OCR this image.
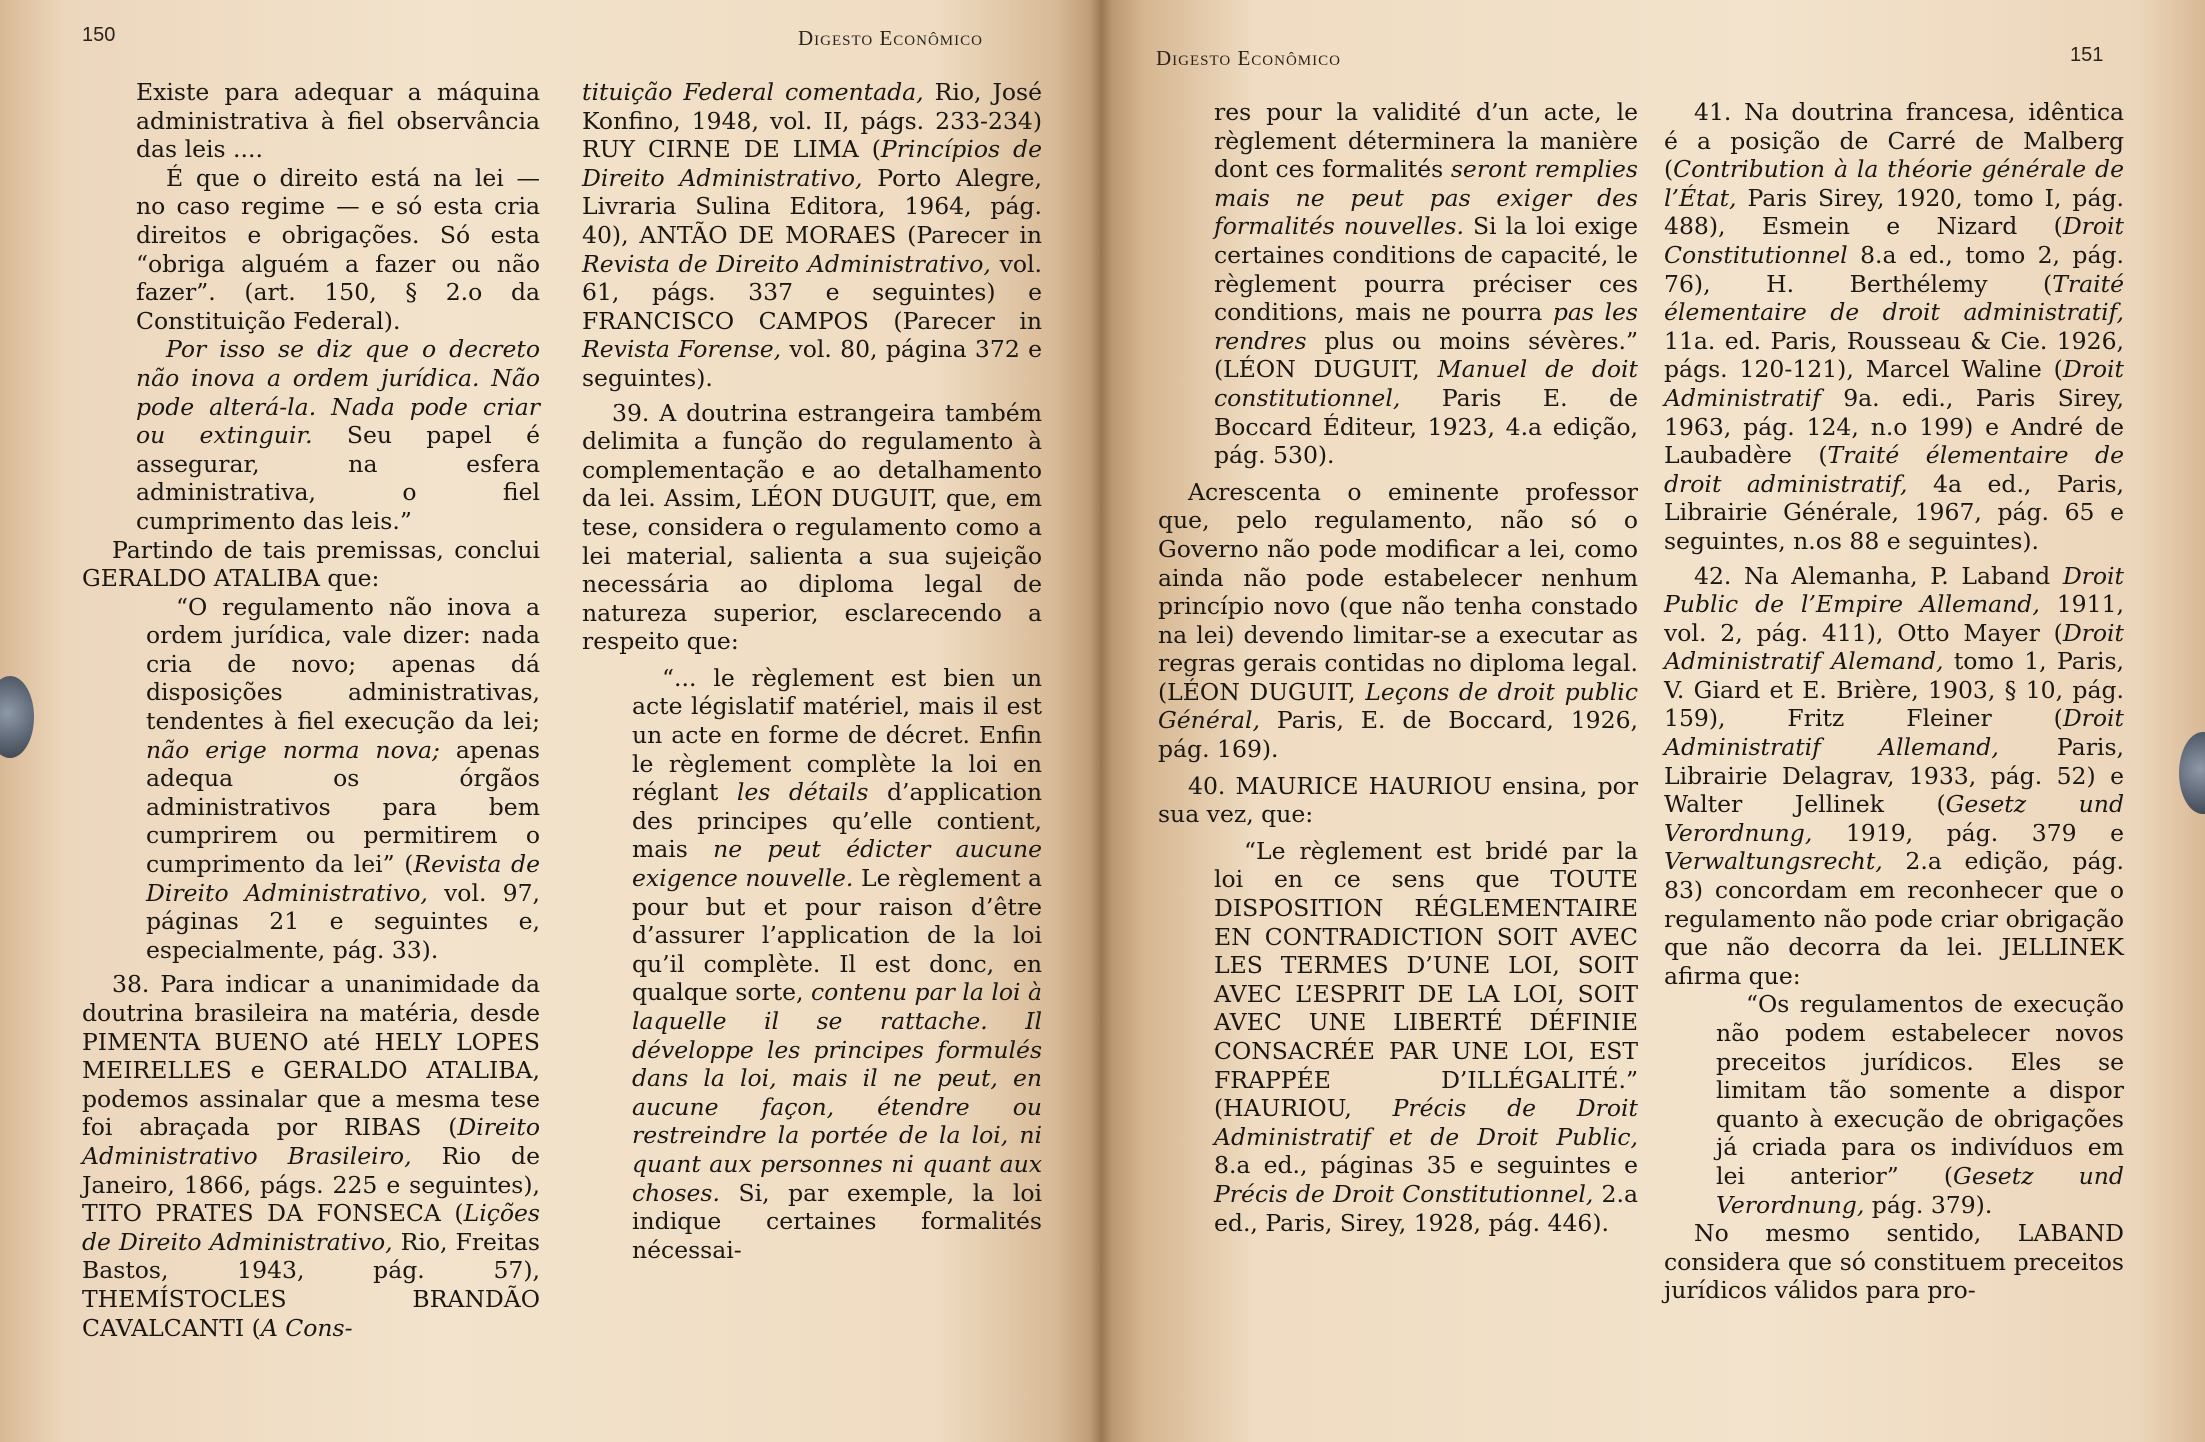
150	Digesto Econômico

Existe para adequar a máquina administrativa à fiel observância das leis ....

É que o direito está na lei — no caso regime — e só esta cria direitos e obrigações. Só esta “obriga alguém a fazer ou não fazer”. (art. 150, § 2.o da Constituição Federal).

Por isso se diz que o decreto não inova a ordem jurídica. Não pode alterá-la. Nada pode criar ou extinguir. Seu papel é assegurar, na esfera administrativa, o fiel cumprimento das leis.”

Partindo de tais premissas, conclui GERALDO ATALIBA que:

“O regulamento não inova a ordem jurídica, vale dizer: nada cria de novo; apenas dá disposições administrativas, tendentes à fiel execução da lei; não erige norma nova; apenas adequa os órgãos administrativos para bem cumprirem ou permitirem o cumprimento da lei” (Revista de Direito Administrativo, vol. 97, páginas 21 e seguintes e, especialmente, pág. 33).

38. Para indicar a unanimidade da doutrina brasileira na matéria, desde PIMENTA BUENO até HELY LOPES MEIRELLES e GERALDO ATALIBA, podemos assinalar que a mesma tese foi abraçada por RIBAS (Direito Administrativo Brasileiro, Rio de Janeiro, 1866, págs. 225 e seguintes), TITO PRATES DA FONSECA (Lições de Direito Administrativo, Rio, Freitas Bastos, 1943, pág. 57), THEMÍSTOCLES BRANDÃO CAVALCANTI (A Cons-

tituição Federal comentada, Rio, José Konfino, 1948, vol. II, págs. 233-234) RUY CIRNE DE LIMA (Princípios de Direito Administrativo, Porto Alegre, Livraria Sulina Editora, 1964, pág. 40), ANTÃO DE MORAES (Parecer in Revista de Direito Administrativo, vol. 61, págs. 337 e seguintes) e FRANCISCO CAMPOS (Parecer in Revista Forense, vol. 80, página 372 e seguintes).

39. A doutrina estrangeira também delimita a função do regulamento à complementação e ao detalhamento da lei. Assim, LÉON DUGUIT, que, em tese, considera o regulamento como a lei material, salienta a sua sujeição necessária ao diploma legal de natureza superior, esclarecendo a respeito que:

“... le règlement est bien un acte législatif matériel, mais il est un acte en forme de décret. Enfin le règlement complète la loi en réglant les détails d’application des principes qu’elle contient, mais ne peut édicter aucune exigence nouvelle. Le règlement a pour but et pour raison d’être d’assurer l’application de la loi qu’il complète. Il est donc, en qualque sorte, contenu par la loi à laquelle il se rattache. Il développe les principes formulés dans la loi, mais il ne peut, en aucune façon, étendre ou restreindre la portée de la loi, ni quant aux personnes ni quant aux choses. Si, par exemple, la loi indique certaines formalités nécessai-

Digesto Econômico	151

res pour la validité d’un acte, le règlement déterminera la manière dont ces formalités seront remplies mais ne peut pas exiger des formalités nouvelles. Si la loi exige certaines conditions de capacité, le règlement pourra préciser ces conditions, mais ne pourra pas les rendres plus ou moins sévères.” (LÉON DUGUIT, Manuel de doit constitutionnel, Paris E. de Boccard Éditeur, 1923, 4.a edição, pág. 530).

Acrescenta o eminente professor que, pelo regulamento, não só o Governo não pode modificar a lei, como ainda não pode estabelecer nenhum princípio novo (que não tenha constado na lei) devendo limitar-se a executar as regras gerais contidas no diploma legal. (LÉON DUGUIT, Leçons de droit public Général, Paris, E. de Boccard, 1926, pág. 169).

40. MAURICE HAURIOU ensina, por sua vez, que:

“Le règlement est bridé par la loi en ce sens que TOUTE DISPOSITION RÉGLEMENTAIRE EN CONTRADICTION SOIT AVEC LES TERMES D’UNE LOI, SOIT AVEC L’ESPRIT DE LA LOI, SOIT AVEC UNE LIBERTÉ DÉFINIE CONSACRÉE PAR UNE LOI, EST FRAPPÉE D’ILLÉGALITÉ.” (HAURIOU, Précis de Droit Administratif et de Droit Public, 8.a ed., páginas 35 e seguintes e Précis de Droit Constitutionnel, 2.a ed., Paris, Sirey, 1928, pág. 446).

41. Na doutrina francesa, idêntica é a posição de Carré de Malberg (Contribution à la théorie générale de l’État, Paris Sirey, 1920, tomo I, pág. 488), Esmein e Nizard (Droit Constitutionnel 8.a ed., tomo 2, pág. 76), H. Berthélemy (Traité élementaire de droit administratif, 11a. ed. Paris, Rousseau & Cie. 1926, págs. 120-121), Marcel Waline (Droit Administratif 9a. edi., Paris Sirey, 1963, pág. 124, n.o 199) e André de Laubadère (Traité élementaire de droit administratif, 4a ed., Paris, Librairie Générale, 1967, pág. 65 e seguintes, n.os 88 e seguintes).

42. Na Alemanha, P. Laband Droit Public de l’Empire Allemand, 1911, vol. 2, pág. 411), Otto Mayer (Droit Administratif Alemand, tomo 1, Paris, V. Giard et E. Brière, 1903, § 10, pág. 159), Fritz Fleiner (Droit Administratif Allemand, Paris, Librairie Delagrav, 1933, pág. 52) e Walter Jellinek (Gesetz und Verordnung, 1919, pág. 379 e Verwaltungsrecht, 2.a edição, pág. 83) concordam em reconhecer que o regulamento não pode criar obrigação que não decorra da lei. JELLINEK afirma que:

“Os regulamentos de execução não podem estabelecer novos preceitos jurídicos. Eles se limitam tão somente a dispor quanto à execução de obrigações já criada para os indivíduos em lei anterior” (Gesetz und Verordnung, pág. 379).

No mesmo sentido, LABAND considera que só constituem preceitos jurídicos válidos para pro-
